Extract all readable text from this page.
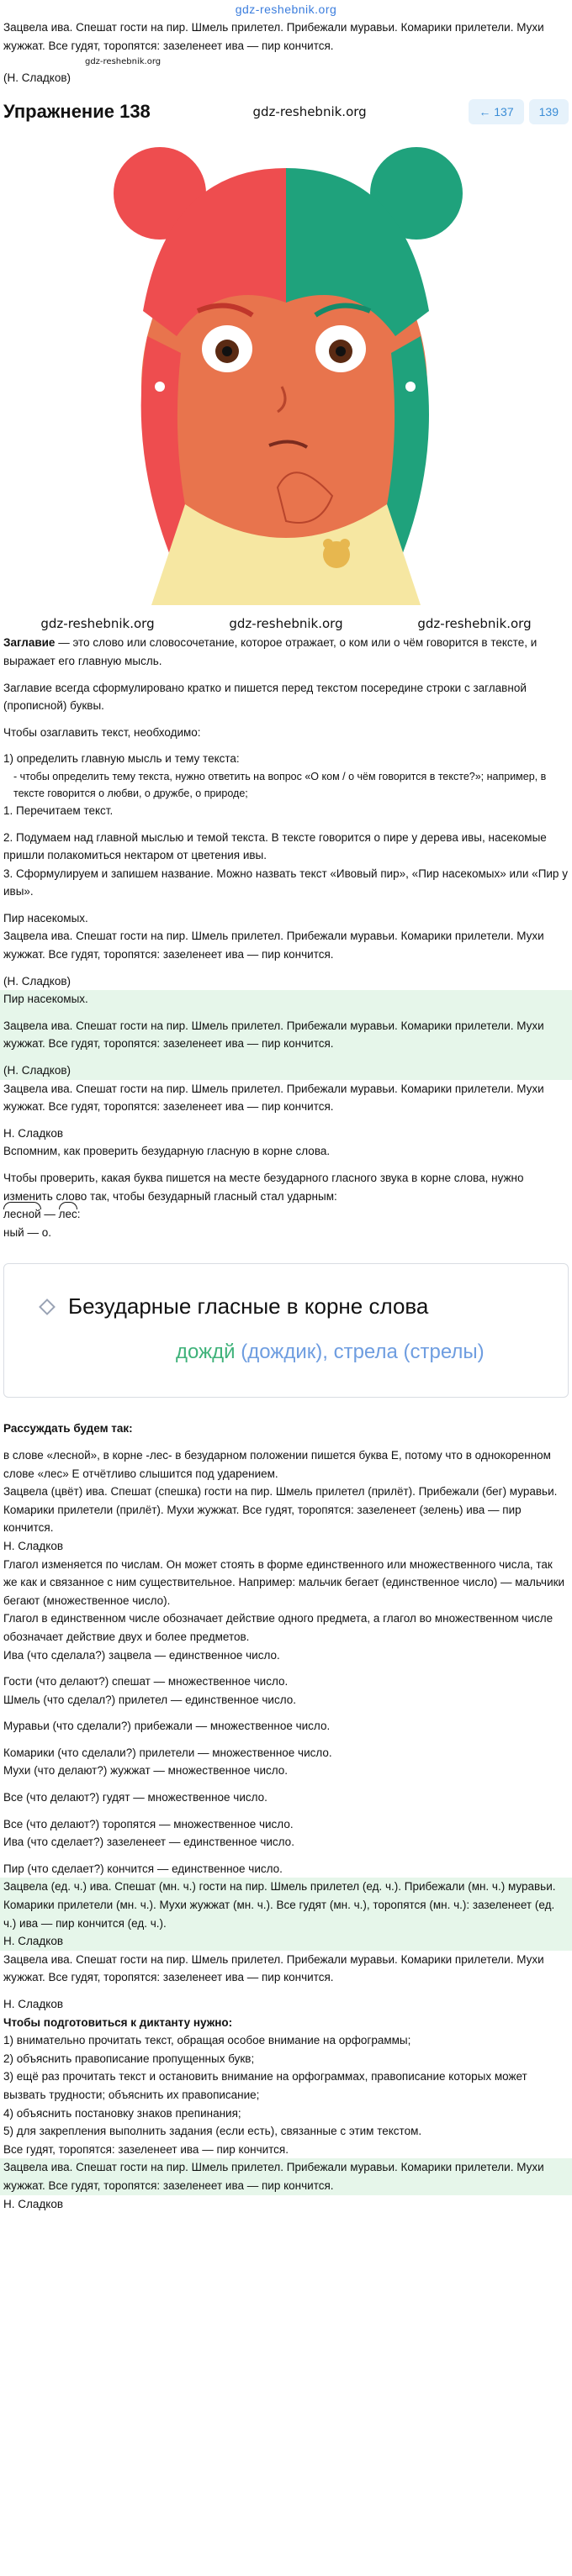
gdz-reshebnik.org

Зацвела ива. Спешат гости на пир. Шмель прилетел. Прибежали муравьи. Комарики прилетели. Мухи жужжат. Все гудят, торопятся: зазеленеет ива — пир кончится.

gdz-reshebnik.org

(Н. Сладков)

Упражнение 138	gdz-reshebnik.org	← 137	139
gdz-reshebnik.org	gdz-reshebnik.org	gdz-reshebnik.org

Заглавие — это слово или словосочетание, которое отражает, о ком или о чём говорится в тексте, и выражает его главную мысль.

Заглавие всегда сформулировано кратко и пишется перед текстом посередине строки с заглавной (прописной) буквы.

Чтобы озаглавить текст, необходимо:

1) определить главную мысль и тему текста:

- чтобы определить тему текста, нужно ответить на вопрос «О ком / о чём говорится в тексте?»; например, в тексте говорится о любви, о дружбе, о природе;

1. Перечитаем текст.

2. Подумаем над главной мыслью и темой текста. В тексте говорится о пире у дерева ивы, насекомые пришли полакомиться нектаром от цветения ивы.

3. Сформулируем и запишем название. Можно назвать текст «Ивовый пир», «Пир насекомых» или «Пир у ивы».

Пир насекомых.

Зацвела ива. Спешат гости на пир. Шмель прилетел. Прибежали муравьи. Комарики прилетели. Мухи жужжат. Все гудят, торопятся: зазеленеет ива — пир кончится.

(Н. Сладков)

Пир насекомых.

Зацвела ива. Спешат гости на пир. Шмель прилетел. Прибежали муравьи. Комарики прилетели. Мухи жужжат. Все гудят, торопятся: зазеленеет ива — пир кончится.

(Н. Сладков)

Зацвела ива. Спешат гости на пир. Шмель прилетел. Прибежали муравьи. Комарики прилетели. Мухи жужжат. Все гудят, торопятся: зазеленеет ива — пир кончится.

Н. Сладков

Вспомним, как проверить безударную гласную в корне слова.

Чтобы проверить, какая буква пишется на месте безударного гласного звука в корне слова, нужно изменить слово так, чтобы безударный гласный стал ударным:

лесной — лес:

ный — о.

Безударные гласные в корне слова
дождй (дождик), стрела (стрелы)

Рассуждать будем так:

в слове «лесной», в корне -лес- в безударном положении пишется буква Е, потому что в однокоренном слове «лес» Е отчётливо слышится под ударением.

Зацвела (цвёт) ива. Спешат (спешка) гости на пир. Шмель прилетел (прилёт). Прибежали (бег) муравьи. Комарики прилетели (прилёт). Мухи жужжат. Все гудят, торопятся: зазеленеет (зелень) ива — пир кончится.

Н. Сладков

Глагол изменяется по числам. Он может стоять в форме единственного или множественного числа, так же как и связанное с ним существительное. Например: мальчик бегает (единственное число) — мальчики бегают (множественное число).

Глагол в единственном числе обозначает действие одного предмета, а глагол во множественном числе обозначает действие двух и более предметов.

Ива (что сделала?) зацвела — единственное число.

Гости (что делают?) спешат — множественное число.

Шмель (что сделал?) прилетел — единственное число.

Муравьи (что сделали?) прибежали — множественное число.

Комарики (что сделали?) прилетели — множественное число.

Мухи (что делают?) жужжат — множественное число.

Все (что делают?) гудят — множественное число.

Все (что делают?) торопятся — множественное число.

Ива (что сделает?) зазеленеет — единственное число.

Пир (что сделает?) кончится — единственное число.

Зацвела (ед. ч.) ива. Спешат (мн. ч.) гости на пир. Шмель прилетел (ед. ч.). Прибежали (мн. ч.) муравьи. Комарики прилетели (мн. ч.). Мухи жужжат (мн. ч.). Все гудят (мн. ч.), торопятся (мн. ч.): зазеленеет (ед. ч.) ива — пир кончится (ед. ч.).

Н. Сладков

Зацвела ива. Спешат гости на пир. Шмель прилетел. Прибежали муравьи. Комарики прилетели. Мухи жужжат. Все гудят, торопятся: зазеленеет ива — пир кончится.

Н. Сладков

Чтобы подготовиться к диктанту нужно:

1) внимательно прочитать текст, обращая особое внимание на орфограммы;

2) объяснить правописание пропущенных букв;

3) ещё раз прочитать текст и остановить внимание на орфограммах, правописание которых может вызвать трудности; объяснить их правописание;

4) объяснить постановку знаков препинания;

5) для закрепления выполнить задания (если есть), связанные с этим текстом.

Все гудят, торопятся: зазеленеет ива — пир кончится.

Зацвела ива. Спешат гости на пир. Шмель прилетел. Прибежали муравьи. Комарики прилетели. Мухи жужжат. Все гудят, торопятся: зазеленеет ива — пир кончится.

Н. Сладков
